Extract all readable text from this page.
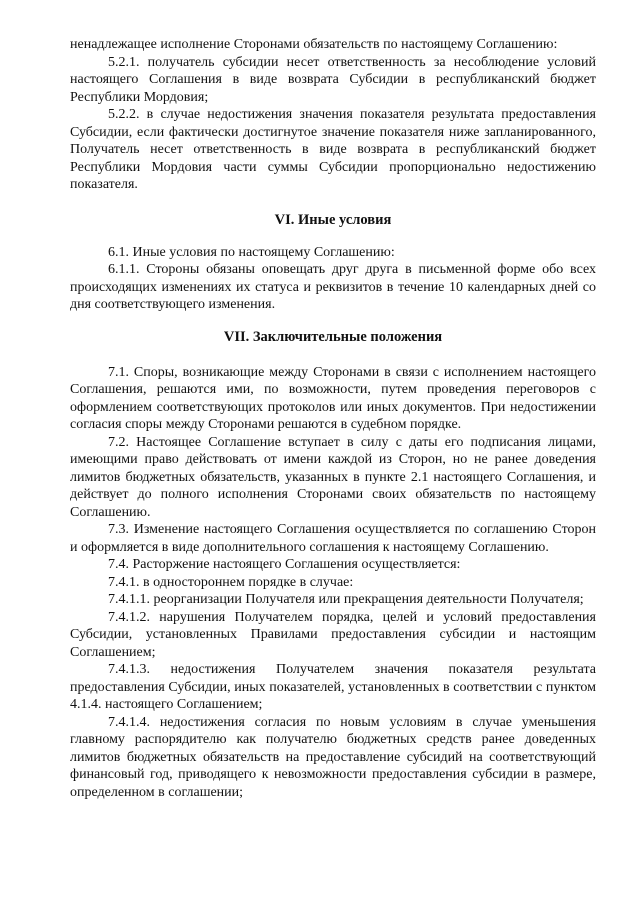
ненадлежащее исполнение Сторонами обязательств по настоящему Соглашению:

5.2.1. получатель субсидии несет ответственность за несоблюдение условий настоящего Соглашения в виде возврата Субсидии в республиканский бюджет Республики Мордовия;

5.2.2. в случае недостижения значения показателя результата предоставления Субсидии, если фактически достигнутое значение показателя ниже запланированного, Получатель несет ответственность в виде возврата в республиканский бюджет Республики Мордовия части суммы Субсидии пропорционально недостижению показателя.

VI. Иные условия

6.1. Иные условия по настоящему Соглашению:

6.1.1. Стороны обязаны оповещать друг друга в письменной форме обо всех происходящих изменениях их статуса и реквизитов в течение 10 календарных дней со дня соответствующего изменения.

VII. Заключительные положения

7.1. Споры, возникающие между Сторонами в связи с исполнением настоящего Соглашения, решаются ими, по возможности, путем проведения переговоров с оформлением соответствующих протоколов или иных документов. При недостижении согласия споры между Сторонами решаются в судебном порядке.

7.2. Настоящее Соглашение вступает в силу с даты его подписания лицами, имеющими право действовать от имени каждой из Сторон, но не ранее доведения лимитов бюджетных обязательств, указанных в пункте 2.1 настоящего Соглашения, и действует до полного исполнения Сторонами своих обязательств по настоящему Соглашению.

7.3. Изменение настоящего Соглашения осуществляется по соглашению Сторон и оформляется в виде дополнительного соглашения к настоящему Соглашению.

7.4. Расторжение настоящего Соглашения осуществляется:

7.4.1. в одностороннем порядке в случае:

7.4.1.1. реорганизации Получателя или прекращения деятельности Получателя;

7.4.1.2. нарушения Получателем порядка, целей и условий предоставления Субсидии, установленных Правилами предоставления субсидии и настоящим Соглашением;

7.4.1.3. недостижения Получателем значения показателя результата предоставления Субсидии, иных показателей, установленных в соответствии с пунктом 4.1.4. настоящего Соглашением;

7.4.1.4. недостижения согласия по новым условиям в случае уменьшения главному распорядителю как получателю бюджетных средств ранее доведенных лимитов бюджетных обязательств на предоставление субсидий на соответствующий финансовый год, приводящего к невозможности предоставления субсидии в размере, определенном в соглашении;
